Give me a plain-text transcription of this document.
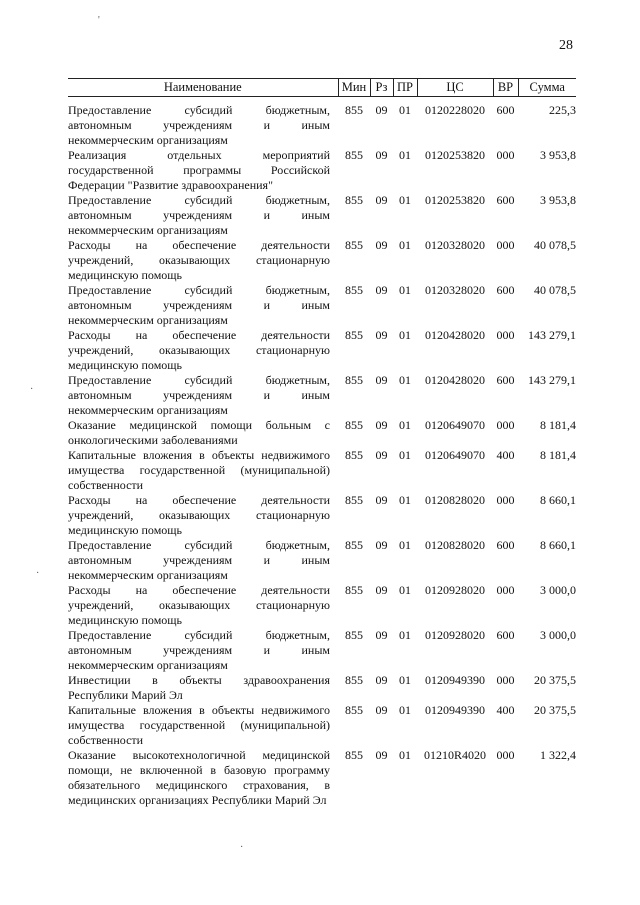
28
Наименование	Мин	Рз	ПР	ЦС	ВР	Сумма
Предоставление субсидий бюджетным, автономным учреждениям и иным некоммерческим организациям	855	09	01	0120228020	600	225,3
Реализация отдельных мероприятий государственной программы Российской Федерации "Развитие здравоохранения"	855	09	01	0120253820	000	3 953,8
Предоставление субсидий бюджетным, автономным учреждениям и иным некоммерческим организациям	855	09	01	0120253820	600	3 953,8
Расходы на обеспечение деятельности учреждений, оказывающих стационарную медицинскую помощь	855	09	01	0120328020	000	40 078,5
Предоставление субсидий бюджетным, автономным учреждениям и иным некоммерческим организациям	855	09	01	0120328020	600	40 078,5
Расходы на обеспечение деятельности учреждений, оказывающих стационарную медицинскую помощь	855	09	01	0120428020	000	143 279,1
Предоставление субсидий бюджетным, автономным учреждениям и иным некоммерческим организациям	855	09	01	0120428020	600	143 279,1
Оказание медицинской помощи больным с онкологическими заболеваниями	855	09	01	0120649070	000	8 181,4
Капитальные вложения в объекты недвижимого имущества государственной (муниципальной) собственности	855	09	01	0120649070	400	8 181,4
Расходы на обеспечение деятельности учреждений, оказывающих стационарную медицинскую помощь	855	09	01	0120828020	000	8 660,1
Предоставление субсидий бюджетным, автономным учреждениям и иным некоммерческим организациям	855	09	01	0120828020	600	8 660,1
Расходы на обеспечение деятельности учреждений, оказывающих стационарную медицинскую помощь	855	09	01	0120928020	000	3 000,0
Предоставление субсидий бюджетным, автономным учреждениям и иным некоммерческим организациям	855	09	01	0120928020	600	3 000,0
Инвестиции в объекты здравоохранения Республики Марий Эл	855	09	01	0120949390	000	20 375,5
Капитальные вложения в объекты недвижимого имущества государственной (муниципальной) собственности	855	09	01	0120949390	400	20 375,5
Оказание высокотехнологичной медицинской помощи, не включенной в базовую программу обязательного медицинского страхования, в медицинских организациях Республики Марий Эл	855	09	01	01210R4020	000	1 322,4
'
·
·
·
